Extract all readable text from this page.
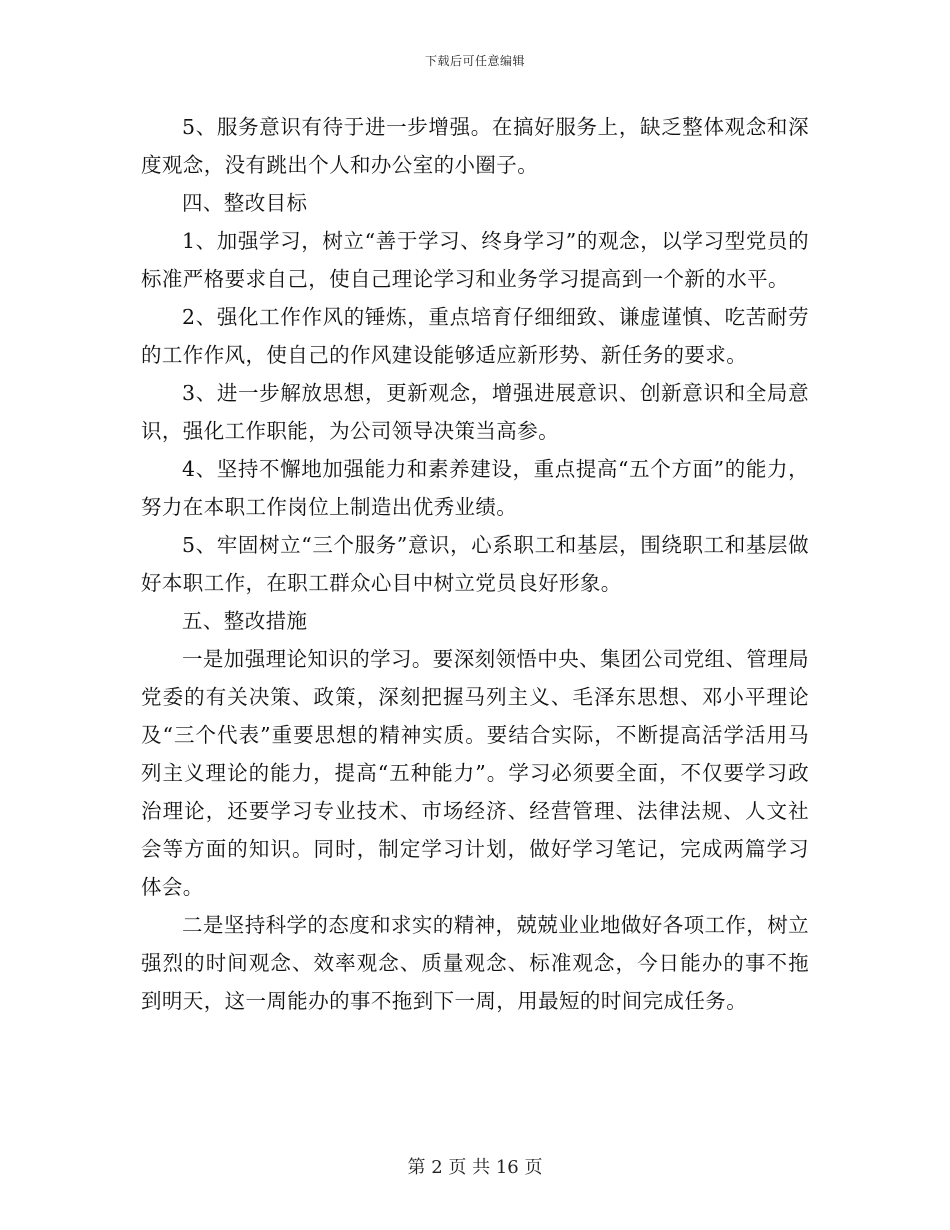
下载后可任意编辑

5、服务意识有待于进一步增强。在搞好服务上，缺乏整体观念和深度观念，没有跳出个人和办公室的小圈子。

四、整改目标

1、加强学习，树立“善于学习、终身学习”的观念，以学习型党员的标准严格要求自己，使自己理论学习和业务学习提高到一个新的水平。

2、强化工作作风的锤炼，重点培育仔细细致、谦虚谨慎、吃苦耐劳的工作作风，使自己的作风建设能够适应新形势、新任务的要求。

3、进一步解放思想，更新观念，增强进展意识、创新意识和全局意识，强化工作职能，为公司领导决策当高参。

4、坚持不懈地加强能力和素养建设，重点提高“五个方面”的能力，努力在本职工作岗位上制造出优秀业绩。

5、牢固树立“三个服务”意识，心系职工和基层，围绕职工和基层做好本职工作，在职工群众心目中树立党员良好形象。

五、整改措施

一是加强理论知识的学习。要深刻领悟中央、集团公司党组、管理局党委的有关决策、政策，深刻把握马列主义、毛泽东思想、邓小平理论及“三个代表”重要思想的精神实质。要结合实际，不断提高活学活用马列主义理论的能力，提高“五种能力”。学习必须要全面，不仅要学习政治理论，还要学习专业技术、市场经济、经营管理、法律法规、人文社会等方面的知识。同时，制定学习计划，做好学习笔记，完成两篇学习体会。

二是坚持科学的态度和求实的精神，兢兢业业地做好各项工作，树立强烈的时间观念、效率观念、质量观念、标准观念，今日能办的事不拖到明天，这一周能办的事不拖到下一周，用最短的时间完成任务。

第 2 页 共 16 页
